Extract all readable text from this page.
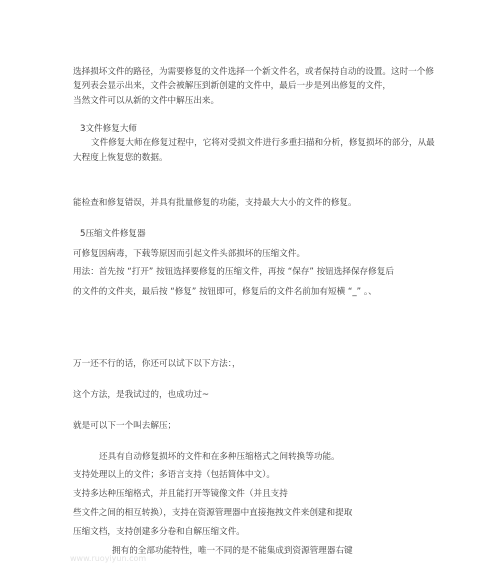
选择损坏文件的路径，为需要修复的文件选择一个新文件名，或者保持自动的设置。这时一个修
复列表会显示出来，文件会被解压到新创建的文件中，最后一步是列出修复的文件，
当然文件可以从新的文件中解压出来。
3文件修复大师
文件修复大师在修复过程中，它将对受损文件进行多重扫描和分析，修复损坏的部分，从最
大程度上恢复您的数据。
能检查和修复错误，并具有批量修复的功能，支持最大大小的文件的修复。
5压缩文件修复器
可修复因病毒，下载等原因而引起文件头部损坏的压缩文件。
用法：首先按 “打开” 按钮选择要修复的压缩文件，再按 “保存” 按钮选择保存修复后
的文件的文件夹，最后按 “修复” 按钮即可，修复后的文件名前加有短横 “_” 。、
万一还不行的话，你还可以试下以下方法：，
这个方法，是我试过的，也成功过~
就是可以下一个叫去解压；
还具有自动修复损坏的文件和在多种压缩格式之间转换等功能。
支持处理以上的文件；多语言支持（包括简体中文）。
支持多达种压缩格式，并且能打开等镜像文件（并且支持
些文件之间的相互转换），支持在资源管理器中直接拖拽文件来创建和提取
压缩文档，支持创建多分卷和自解压缩文件。
拥有的全部功能特性，唯一不同的是不能集成到资源管理器右键
www.ruoyiyun.com
